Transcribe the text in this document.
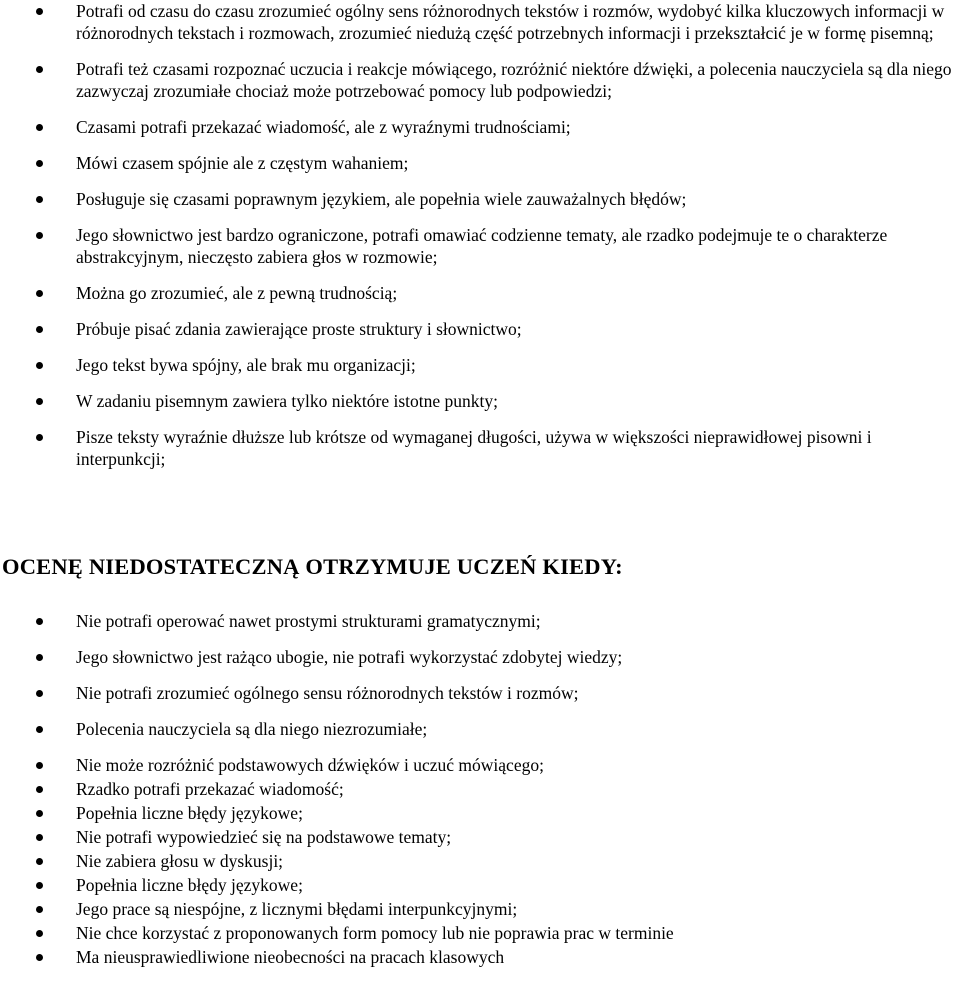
Potrafi od czasu do czasu zrozumieć ogólny sens różnorodnych tekstów i rozmów, wydobyć kilka kluczowych informacji w różnorodnych tekstach i rozmowach, zrozumieć niedużą część potrzebnych informacji i przekształcić je w formę pisemną;
Potrafi też czasami rozpoznać uczucia i reakcje mówiącego, rozróżnić niektóre dźwięki, a polecenia nauczyciela są dla niego zazwyczaj zrozumiałe chociaż może potrzebować pomocy lub podpowiedzi;
Czasami potrafi przekazać wiadomość, ale z wyraźnymi trudnościami;
Mówi czasem spójnie ale z częstym wahaniem;
Posługuje się czasami poprawnym językiem, ale popełnia wiele zauważalnych błędów;
Jego słownictwo jest bardzo ograniczone, potrafi omawiać codzienne tematy, ale rzadko podejmuje te o charakterze abstrakcyjnym, nieczęsto zabiera głos w rozmowie;
Można go zrozumieć, ale z pewną trudnością;
Próbuje pisać zdania zawierające proste struktury i słownictwo;
Jego tekst bywa spójny, ale brak mu organizacji;
W zadaniu pisemnym zawiera tylko niektóre istotne punkty;
Pisze teksty wyraźnie dłuższe lub krótsze od wymaganej długości, używa w większości nieprawidłowej pisowni i interpunkcji;
OCENĘ NIEDOSTATECZNĄ OTRZYMUJE UCZEŃ KIEDY:
Nie potrafi operować nawet prostymi strukturami gramatycznymi;
Jego słownictwo jest rażąco ubogie, nie potrafi wykorzystać zdobytej wiedzy;
Nie potrafi zrozumieć ogólnego sensu różnorodnych tekstów i rozmów;
Polecenia nauczyciela są dla niego niezrozumiałe;
Nie może rozróżnić podstawowych dźwięków i uczuć mówiącego;
Rzadko potrafi przekazać wiadomość;
Popełnia liczne błędy językowe;
Nie potrafi wypowiedzieć się na podstawowe tematy;
Nie zabiera głosu w dyskusji;
Popełnia liczne błędy językowe;
Jego prace są niespójne, z licznymi błędami interpunkcyjnymi;
Nie chce korzystać z proponowanych form pomocy lub nie poprawia prac w terminie
Ma nieusprawiedliwione nieobecności na pracach klasowych
